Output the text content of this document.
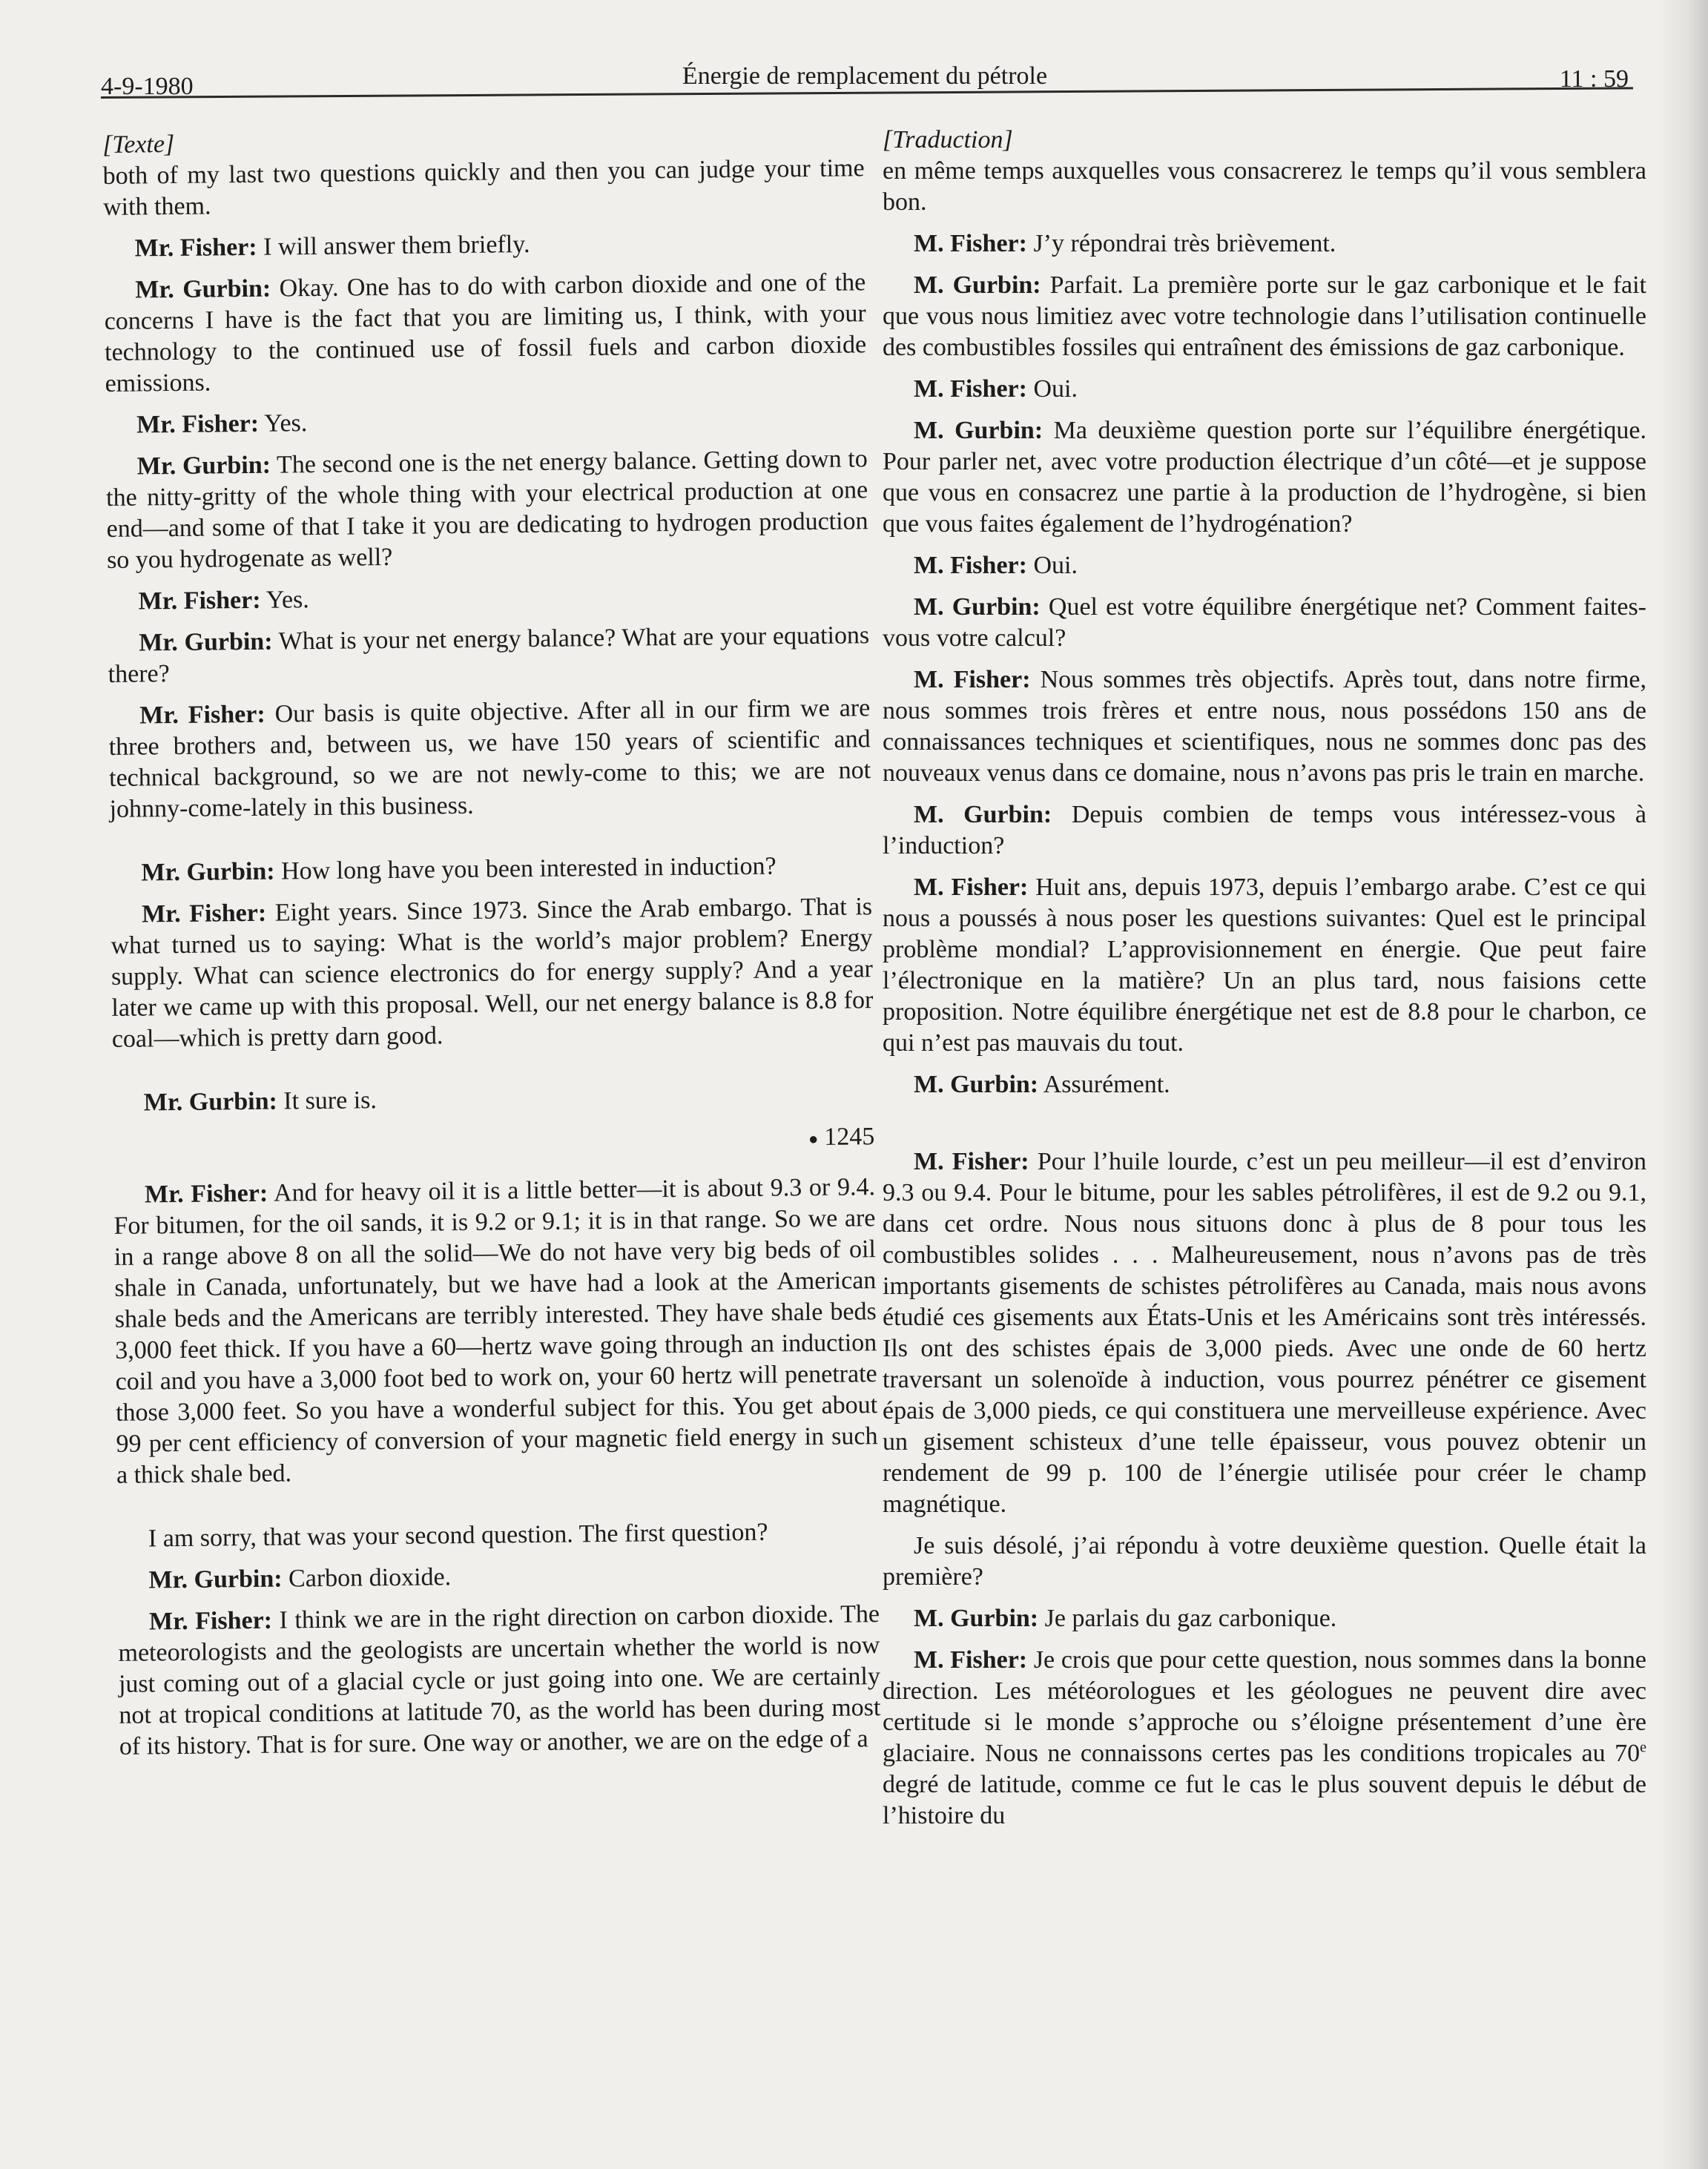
4-9-1980	Énergie de remplacement du pétrole	11 : 59

[Texte]

both of my last two questions quickly and then you can judge your time with them.

Mr. Fisher: I will answer them briefly.

Mr. Gurbin: Okay. One has to do with carbon dioxide and one of the concerns I have is the fact that you are limiting us, I think, with your technology to the continued use of fossil fuels and carbon dioxide emissions.

Mr. Fisher: Yes.

Mr. Gurbin: The second one is the net energy balance. Getting down to the nitty-gritty of the whole thing with your electrical production at one end—and some of that I take it you are dedicating to hydrogen production so you hydrogenate as well?

Mr. Fisher: Yes.

Mr. Gurbin: What is your net energy balance? What are your equations there?

Mr. Fisher: Our basis is quite objective. After all in our firm we are three brothers and, between us, we have 150 years of scientific and technical background, so we are not newly-come to this; we are not johnny-come-lately in this business.

Mr. Gurbin: How long have you been interested in induction?

Mr. Fisher: Eight years. Since 1973. Since the Arab embargo. That is what turned us to saying: What is the world’s major problem? Energy supply. What can science electronics do for energy supply? And a year later we came up with this proposal. Well, our net energy balance is 8.8 for coal—which is pretty darn good.

Mr. Gurbin: It sure is.

● 1245

Mr. Fisher: And for heavy oil it is a little better—it is about 9.3 or 9.4. For bitumen, for the oil sands, it is 9.2 or 9.1; it is in that range. So we are in a range above 8 on all the solid—We do not have very big beds of oil shale in Canada, unfortunately, but we have had a look at the American shale beds and the Americans are terribly interested. They have shale beds 3,000 feet thick. If you have a 60—hertz wave going through an induction coil and you have a 3,000 foot bed to work on, your 60 hertz will penetrate those 3,000 feet. So you have a wonderful subject for this. You get about 99 per cent efficiency of conversion of your magnetic field energy in such a thick shale bed.

I am sorry, that was your second question. The first question?

Mr. Gurbin: Carbon dioxide.

Mr. Fisher: I think we are in the right direction on carbon dioxide. The meteorologists and the geologists are uncertain whether the world is now just coming out of a glacial cycle or just going into one. We are certainly not at tropical conditions at latitude 70, as the world has been during most of its history. That is for sure. One way or another, we are on the edge of a

[Traduction]

en même temps auxquelles vous consacrerez le temps qu’il vous semblera bon.

M. Fisher: J’y répondrai très brièvement.

M. Gurbin: Parfait. La première porte sur le gaz carbonique et le fait que vous nous limitiez avec votre technologie dans l’utilisation continuelle des combustibles fossiles qui entraînent des émissions de gaz carbonique.

M. Fisher: Oui.

M. Gurbin: Ma deuxième question porte sur l’équilibre énergétique. Pour parler net, avec votre production électrique d’un côté—et je suppose que vous en consacrez une partie à la production de l’hydrogène, si bien que vous faites également de l’hydrogénation?

M. Fisher: Oui.

M. Gurbin: Quel est votre équilibre énergétique net? Comment faites-vous votre calcul?

M. Fisher: Nous sommes très objectifs. Après tout, dans notre firme, nous sommes trois frères et entre nous, nous possédons 150 ans de connaissances techniques et scientifiques, nous ne sommes donc pas des nouveaux venus dans ce domaine, nous n’avons pas pris le train en marche.

M. Gurbin: Depuis combien de temps vous intéressez-vous à l’induction?

M. Fisher: Huit ans, depuis 1973, depuis l’embargo arabe. C’est ce qui nous a poussés à nous poser les questions suivantes: Quel est le principal problème mondial? L’approvisionnement en énergie. Que peut faire l’électronique en la matière? Un an plus tard, nous faisions cette proposition. Notre équilibre énergétique net est de 8.8 pour le charbon, ce qui n’est pas mauvais du tout.

M. Gurbin: Assurément.

M. Fisher: Pour l’huile lourde, c’est un peu meilleur—il est d’environ 9.3 ou 9.4. Pour le bitume, pour les sables pétrolifères, il est de 9.2 ou 9.1, dans cet ordre. Nous nous situons donc à plus de 8 pour tous les combustibles solides . . . Malheureusement, nous n’avons pas de très importants gisements de schistes pétrolifères au Canada, mais nous avons étudié ces gisements aux États-Unis et les Américains sont très intéressés. Ils ont des schistes épais de 3,000 pieds. Avec une onde de 60 hertz traversant un solenoïde à induction, vous pourrez pénétrer ce gisement épais de 3,000 pieds, ce qui constituera une merveilleuse expérience. Avec un gisement schisteux d’une telle épaisseur, vous pouvez obtenir un rendement de 99 p. 100 de l’énergie utilisée pour créer le champ magnétique.

Je suis désolé, j’ai répondu à votre deuxième question. Quelle était la première?

M. Gurbin: Je parlais du gaz carbonique.

M. Fisher: Je crois que pour cette question, nous sommes dans la bonne direction. Les météorologues et les géologues ne peuvent dire avec certitude si le monde s’approche ou s’éloigne présentement d’une ère glaciaire. Nous ne connaissons certes pas les conditions tropicales au 70e degré de latitude, comme ce fut le cas le plus souvent depuis le début de l’histoire du
